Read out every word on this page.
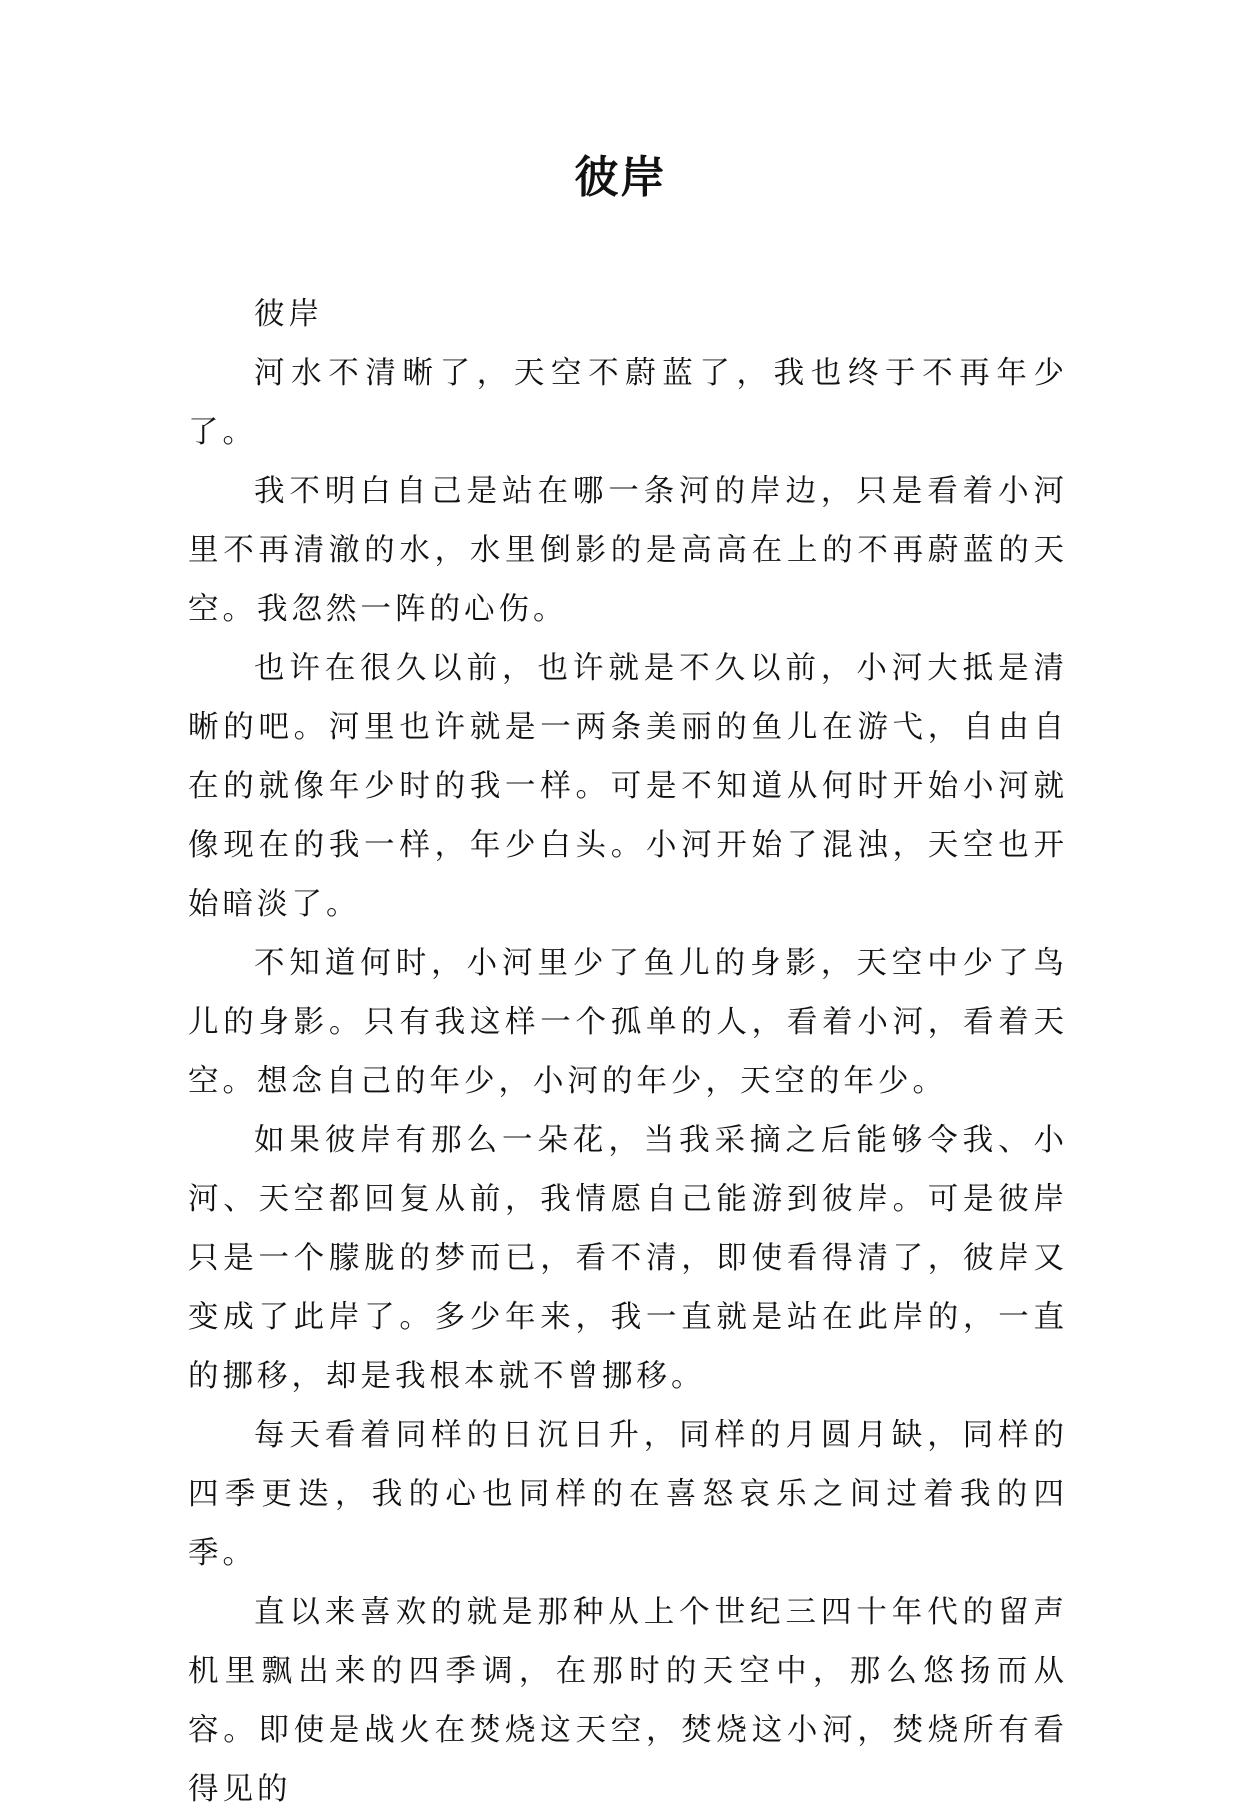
彼岸

彼岸

河水不清晰了，天空不蔚蓝了，我也终于不再年少了。

我不明白自己是站在哪一条河的岸边，只是看着小河里不再清澈的水，水里倒影的是高高在上的不再蔚蓝的天空。我忽然一阵的心伤。

也许在很久以前，也许就是不久以前，小河大抵是清晰的吧。河里也许就是一两条美丽的鱼儿在游弋，自由自在的就像年少时的我一样。可是不知道从何时开始小河就像现在的我一样，年少白头。小河开始了混浊，天空也开始暗淡了。

不知道何时，小河里少了鱼儿的身影，天空中少了鸟儿的身影。只有我这样一个孤单的人，看着小河，看着天空。想念自己的年少，小河的年少，天空的年少。

如果彼岸有那么一朵花，当我采摘之后能够令我、小河、天空都回复从前，我情愿自己能游到彼岸。可是彼岸只是一个朦胧的梦而已，看不清，即使看得清了，彼岸又变成了此岸了。多少年来，我一直就是站在此岸的，一直的挪移，却是我根本就不曾挪移。

每天看着同样的日沉日升，同样的月圆月缺，同样的四季更迭，我的心也同样的在喜怒哀乐之间过着我的四季。

直以来喜欢的就是那种从上个世纪三四十年代的留声机里飘出来的四季调，在那时的天空中，那么悠扬而从容。即使是战火在焚烧这天空，焚烧这小河，焚烧所有看得见的
